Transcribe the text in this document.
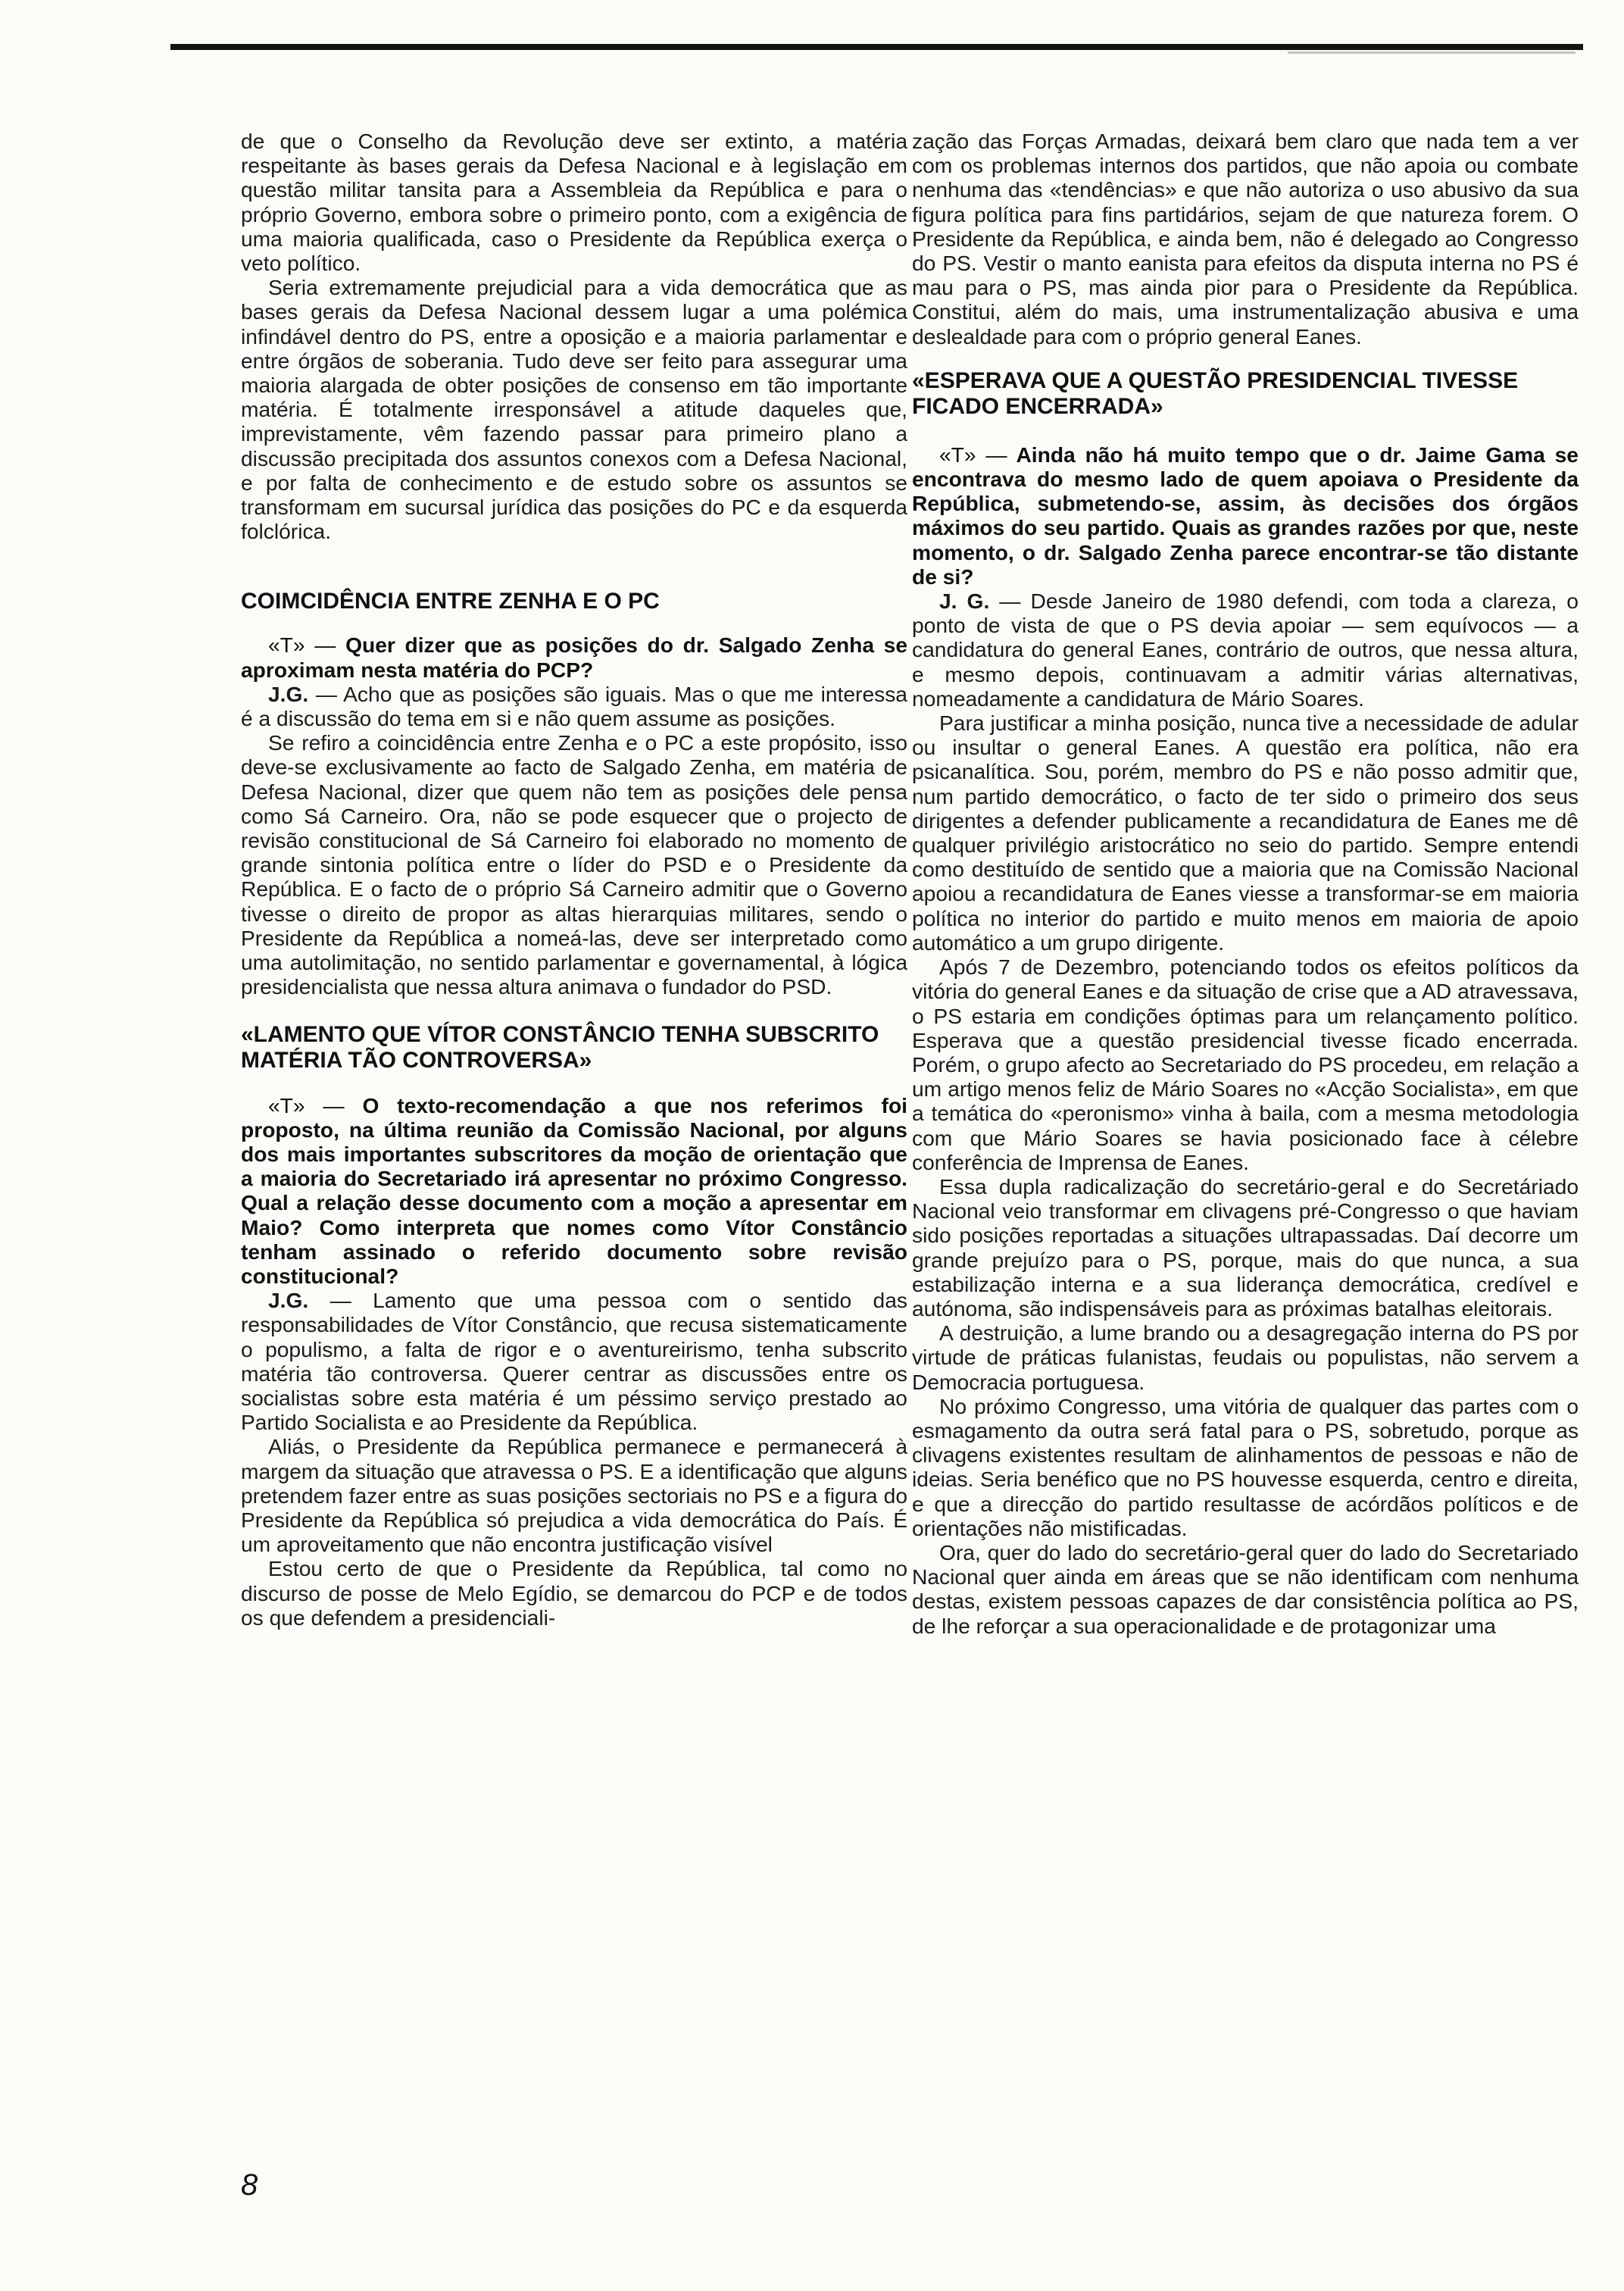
de que o Conselho da Revolução deve ser extinto, a matéria respeitante às bases gerais da Defesa Nacional e à legislação em questão militar tansita para a Assembleia da República e para o próprio Governo, embora sobre o primeiro ponto, com a exigência de uma maioria qualificada, caso o Presidente da República exerça o veto político.

Seria extremamente prejudicial para a vida democrática que as bases gerais da Defesa Nacional dessem lugar a uma polémica infindável dentro do PS, entre a oposição e a maioria parlamentar e entre órgãos de soberania. Tudo deve ser feito para assegurar uma maioria alargada de obter posições de consenso em tão importante matéria. É totalmente irresponsável a atitude daqueles que, imprevistamente, vêm fazendo passar para primeiro plano a discussão precipitada dos assuntos conexos com a Defesa Nacional, e por falta de conhecimento e de estudo sobre os assuntos se transformam em sucursal jurídica das posições do PC e da esquerda folclórica.

COIMCIDÊNCIA ENTRE ZENHA E O PC

«T» — Quer dizer que as posições do dr. Salgado Zenha se aproximam nesta matéria do PCP?

J.G. — Acho que as posições são iguais. Mas o que me interessa é a discussão do tema em si e não quem assume as posições.

Se refiro a coincidência entre Zenha e o PC a este propósito, isso deve-se exclusivamente ao facto de Salgado Zenha, em matéria de Defesa Nacional, dizer que quem não tem as posições dele pensa como Sá Carneiro. Ora, não se pode esquecer que o projecto de revisão constitucional de Sá Carneiro foi elaborado no momento de grande sintonia política entre o líder do PSD e o Presidente da República. E o facto de o próprio Sá Carneiro admitir que o Governo tivesse o direito de propor as altas hierarquias militares, sendo o Presidente da República a nomeá-las, deve ser interpretado como uma autolimitação, no sentido parlamentar e governamental, à lógica presidencialista que nessa altura animava o fundador do PSD.

«LAMENTO QUE VÍTOR CONSTÂNCIO TENHA SUBSCRITO MATÉRIA TÃO CONTROVERSA»

«T» — O texto-recomendação a que nos referimos foi proposto, na última reunião da Comissão Nacional, por alguns dos mais importantes subscritores da moção de orientação que a maioria do Secretariado irá apresentar no próximo Congresso. Qual a relação desse documento com a moção a apresentar em Maio? Como interpreta que nomes como Vítor Constâncio tenham assinado o referido documento sobre revisão constitucional?

J.G. — Lamento que uma pessoa com o sentido das responsabilidades de Vítor Constâncio, que recusa sistematicamente o populismo, a falta de rigor e o aventureirismo, tenha subscrito matéria tão controversa. Querer centrar as discussões entre os socialistas sobre esta matéria é um péssimo serviço prestado ao Partido Socialista e ao Presidente da República.

Aliás, o Presidente da República permanece e permanecerá à margem da situação que atravessa o PS. E a identificação que alguns pretendem fazer entre as suas posições sectoriais no PS e a figura do Presidente da República só prejudica a vida democrática do País. É um aproveitamento que não encontra justificação visível

Estou certo de que o Presidente da República, tal como no discurso de posse de Melo Egídio, se demarcou do PCP e de todos os que defendem a presidenciali-

zação das Forças Armadas, deixará bem claro que nada tem a ver com os problemas internos dos partidos, que não apoia ou combate nenhuma das «tendências» e que não autoriza o uso abusivo da sua figura política para fins partidários, sejam de que natureza forem. O Presidente da República, e ainda bem, não é delegado ao Congresso do PS. Vestir o manto eanista para efeitos da disputa interna no PS é mau para o PS, mas ainda pior para o Presidente da República. Constitui, além do mais, uma instrumentalização abusiva e uma deslealdade para com o próprio general Eanes.

«ESPERAVA QUE A QUESTÃO PRESIDENCIAL TIVESSE FICADO ENCERRADA»

«T» — Ainda não há muito tempo que o dr. Jaime Gama se encontrava do mesmo lado de quem apoiava o Presidente da República, submetendo-se, assim, às decisões dos órgãos máximos do seu partido. Quais as grandes razões por que, neste momento, o dr. Salgado Zenha parece encontrar-se tão distante de si?

J. G. — Desde Janeiro de 1980 defendi, com toda a clareza, o ponto de vista de que o PS devia apoiar — sem equívocos — a candidatura do general Eanes, contrário de outros, que nessa altura, e mesmo depois, continuavam a admitir várias alternativas, nomeadamente a candidatura de Mário Soares.

Para justificar a minha posição, nunca tive a necessidade de adular ou insultar o general Eanes. A questão era política, não era psicanalítica. Sou, porém, membro do PS e não posso admitir que, num partido democrático, o facto de ter sido o primeiro dos seus dirigentes a defender publicamente a recandidatura de Eanes me dê qualquer privilégio aristocrático no seio do partido. Sempre entendi como destituído de sentido que a maioria que na Comissão Nacional apoiou a recandidatura de Eanes viesse a transformar-se em maioria política no interior do partido e muito menos em maioria de apoio automático a um grupo dirigente.

Após 7 de Dezembro, potenciando todos os efeitos políticos da vitória do general Eanes e da situação de crise que a AD atravessava, o PS estaria em condições óptimas para um relançamento político. Esperava que a questão presidencial tivesse ficado encerrada. Porém, o grupo afecto ao Secretariado do PS procedeu, em relação a um artigo menos feliz de Mário Soares no «Acção Socialista», em que a temática do «peronismo» vinha à baila, com a mesma metodologia com que Mário Soares se havia posicionado face à célebre conferência de Imprensa de Eanes.

Essa dupla radicalização do secretário-geral e do Secretáriado Nacional veio transformar em clivagens pré-Congresso o que haviam sido posições reportadas a situações ultrapassadas. Daí decorre um grande prejuízo para o PS, porque, mais do que nunca, a sua estabilização interna e a sua liderança democrática, credível e autónoma, são indispensáveis para as próximas batalhas eleitorais.

A destruição, a lume brando ou a desagregação interna do PS por virtude de práticas fulanistas, feudais ou populistas, não servem a Democracia portuguesa.

No próximo Congresso, uma vitória de qualquer das partes com o esmagamento da outra será fatal para o PS, sobretudo, porque as clivagens existentes resultam de alinhamentos de pessoas e não de ideias. Seria benéfico que no PS houvesse esquerda, centro e direita, e que a direcção do partido resultasse de acórdãos políticos e de orientações não mistificadas.

Ora, quer do lado do secretário-geral quer do lado do Secretariado Nacional quer ainda em áreas que se não identificam com nenhuma destas, existem pessoas capazes de dar consistência política ao PS, de lhe reforçar a sua operacionalidade e de protagonizar uma

8
